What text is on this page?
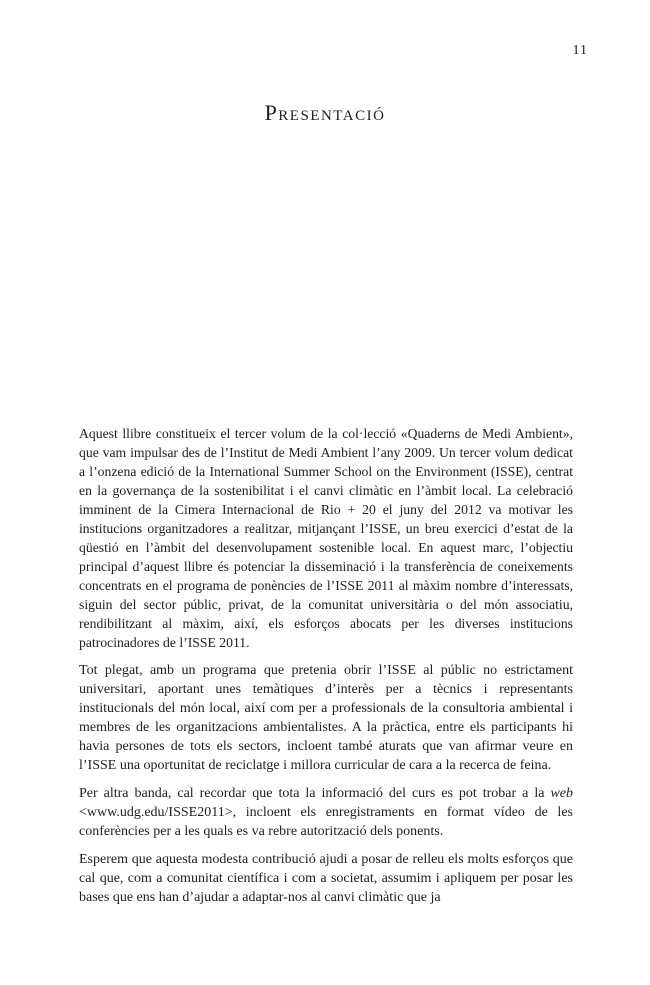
11
Presentació

Aquest llibre constitueix el tercer volum de la col·lecció «Quaderns de Medi Ambient», que vam impulsar des de l’Institut de Medi Ambient l’any 2009. Un tercer volum dedicat a l’onzena edició de la International Summer School on the Environment (ISSE), centrat en la governança de la sostenibilitat i el canvi climàtic en l’àmbit local. La celebració imminent de la Cimera Internacional de Rio + 20 el juny del 2012 va motivar les institucions organitzadores a realitzar, mitjançant l’ISSE, un breu exercici d’estat de la qüestió en l’àmbit del desenvolupament sostenible local. En aquest marc, l’objectiu principal d’aquest llibre és potenciar la disseminació i la transferència de coneixements concentrats en el programa de ponències de l’ISSE 2011 al màxim nombre d’interessats, siguin del sector públic, privat, de la comunitat universitària o del món associatiu, rendibilitzant al màxim, així, els esforços abocats per les diverses institucions patrocinadores de l’ISSE 2011.

Tot plegat, amb un programa que pretenia obrir l’ISSE al públic no estrictament universitari, aportant unes temàtiques d’interès per a tècnics i representants institucionals del món local, així com per a professionals de la consultoria ambiental i membres de les organitzacions ambientalistes. A la pràctica, entre els participants hi havia persones de tots els sectors, incloent també aturats que van afirmar veure en l’ISSE una oportunitat de reciclatge i millora curricular de cara a la recerca de feina.

Per altra banda, cal recordar que tota la informació del curs es pot trobar a la web <www.udg.edu/ISSE2011>, incloent els enregistraments en format vídeo de les conferències per a les quals es va rebre autorització dels ponents.

Esperem que aquesta modesta contribució ajudi a posar de relleu els molts esforços que cal que, com a comunitat científica i com a societat, assumim i apliquem per posar les bases que ens han d’ajudar a adaptar-nos al canvi climàtic que ja
